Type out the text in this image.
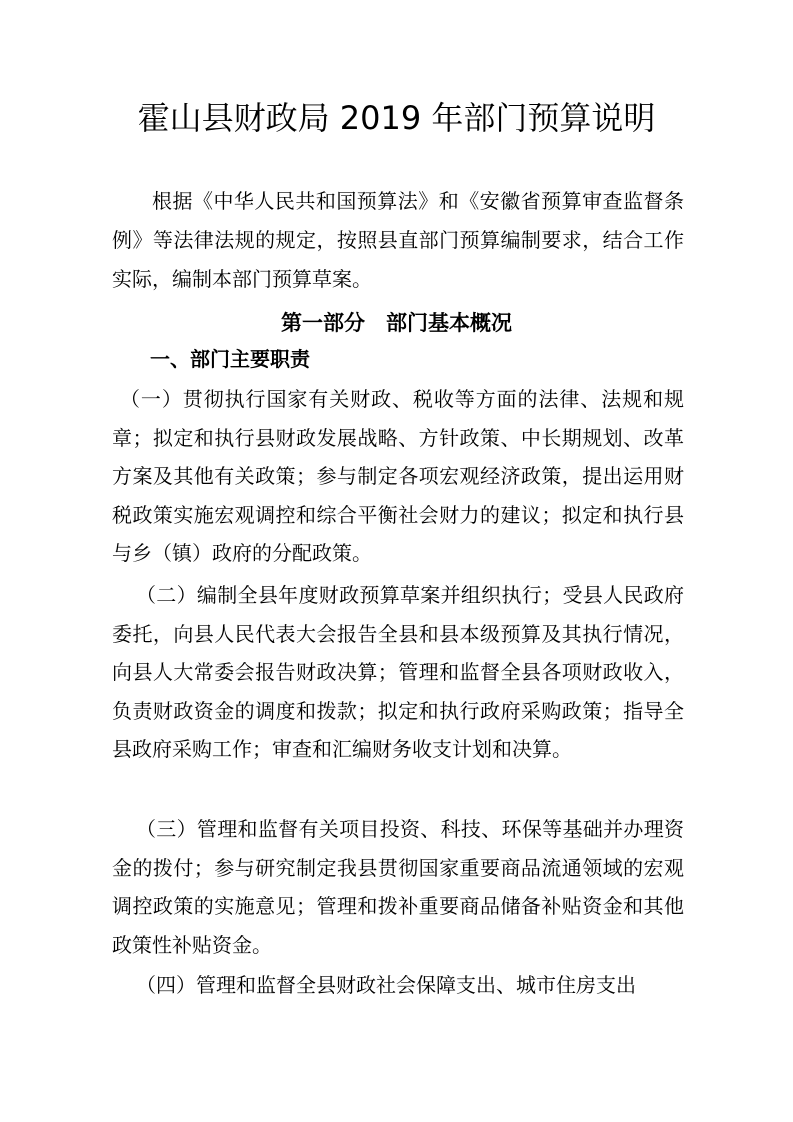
霍山县财政局 2019 年部门预算说明

根据《中华人民共和国预算法》和《安徽省预算审查监督条例》等法律法规的规定，按照县直部门预算编制要求，结合工作实际，编制本部门预算草案。

第一部分　部门基本概况
一、部门主要职责

（一）贯彻执行国家有关财政、税收等方面的法律、法规和规章；拟定和执行县财政发展战略、方针政策、中长期规划、改革方案及其他有关政策；参与制定各项宏观经济政策，提出运用财税政策实施宏观调控和综合平衡社会财力的建议；拟定和执行县与乡（镇）政府的分配政策。

（二）编制全县年度财政预算草案并组织执行；受县人民政府委托，向县人民代表大会报告全县和县本级预算及其执行情况，向县人大常委会报告财政决算；管理和监督全县各项财政收入，负责财政资金的调度和拨款；拟定和执行政府采购政策；指导全县政府采购工作；审查和汇编财务收支计划和决算。

（三）管理和监督有关项目投资、科技、环保等基础并办理资金的拨付；参与研究制定我县贯彻国家重要商品流通领域的宏观调控政策的实施意见；管理和拨补重要商品储备补贴资金和其他政策性补贴资金。

（四）管理和监督全县财政社会保障支出、城市住房支出
